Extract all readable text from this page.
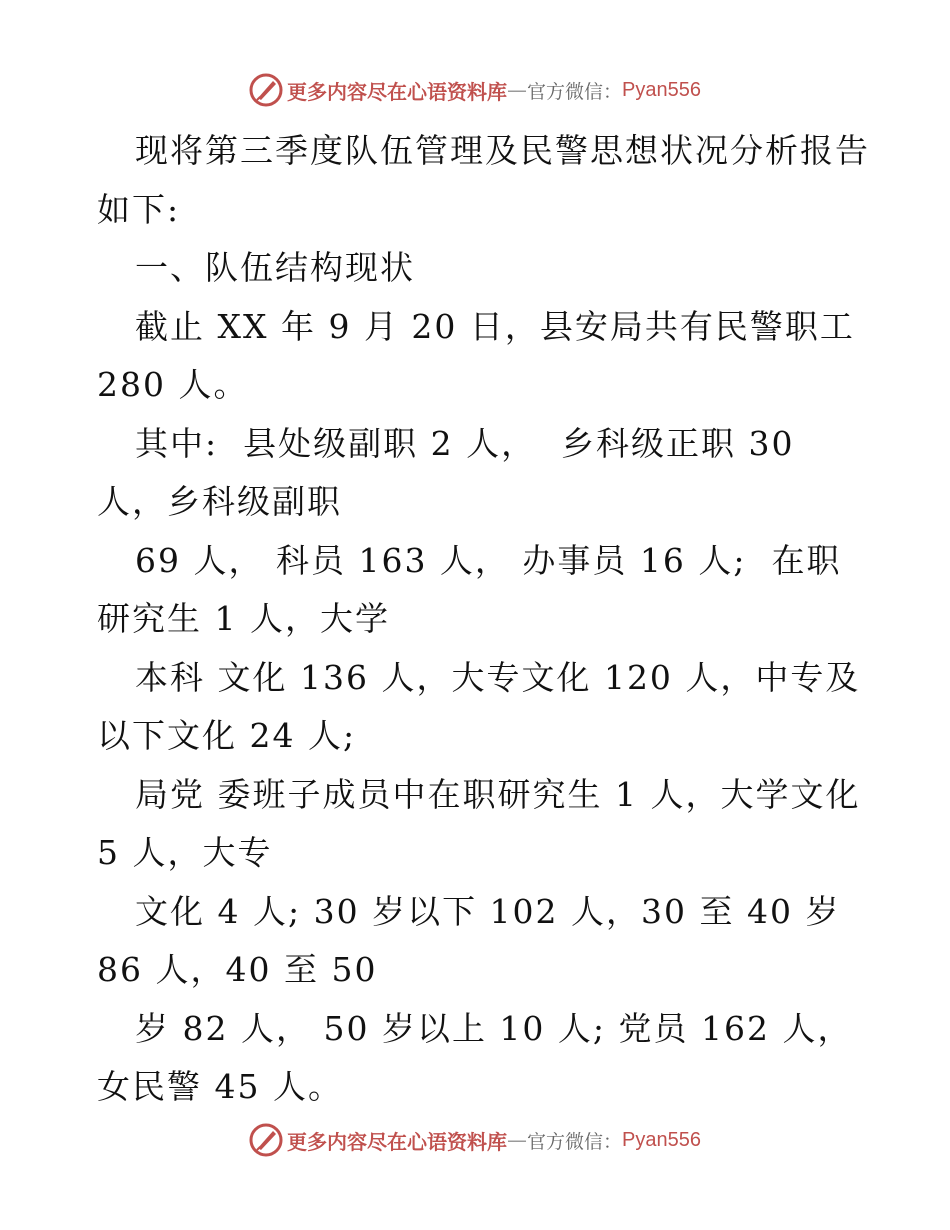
更多内容尽在心语资料库 — 官方微信： Pyan556
现将第三季度队伍管理及民警思想状况分析报告
如下:
一、队伍结构现状
截止 XX 年 9 月 20 日，县安局共有民警职工
280 人。
其中:  县处级副职 2 人，  乡科级正职 30
人，乡科级副职
69 人， 科员 163 人， 办事员 16 人;  在职
研究生 1 人，大学
本科 文化 136 人，大专文化 120 人，中专及
以下文化 24 人;
局党 委班子成员中在职研究生 1 人，大学文化
5 人，大专
文化 4 人; 30 岁以下 102 人，30 至 40 岁
86 人，40 至 50
岁 82 人， 50 岁以上 10 人; 党员 162 人，
女民警 45 人。
更多内容尽在心语资料库 — 官方微信： Pyan556
